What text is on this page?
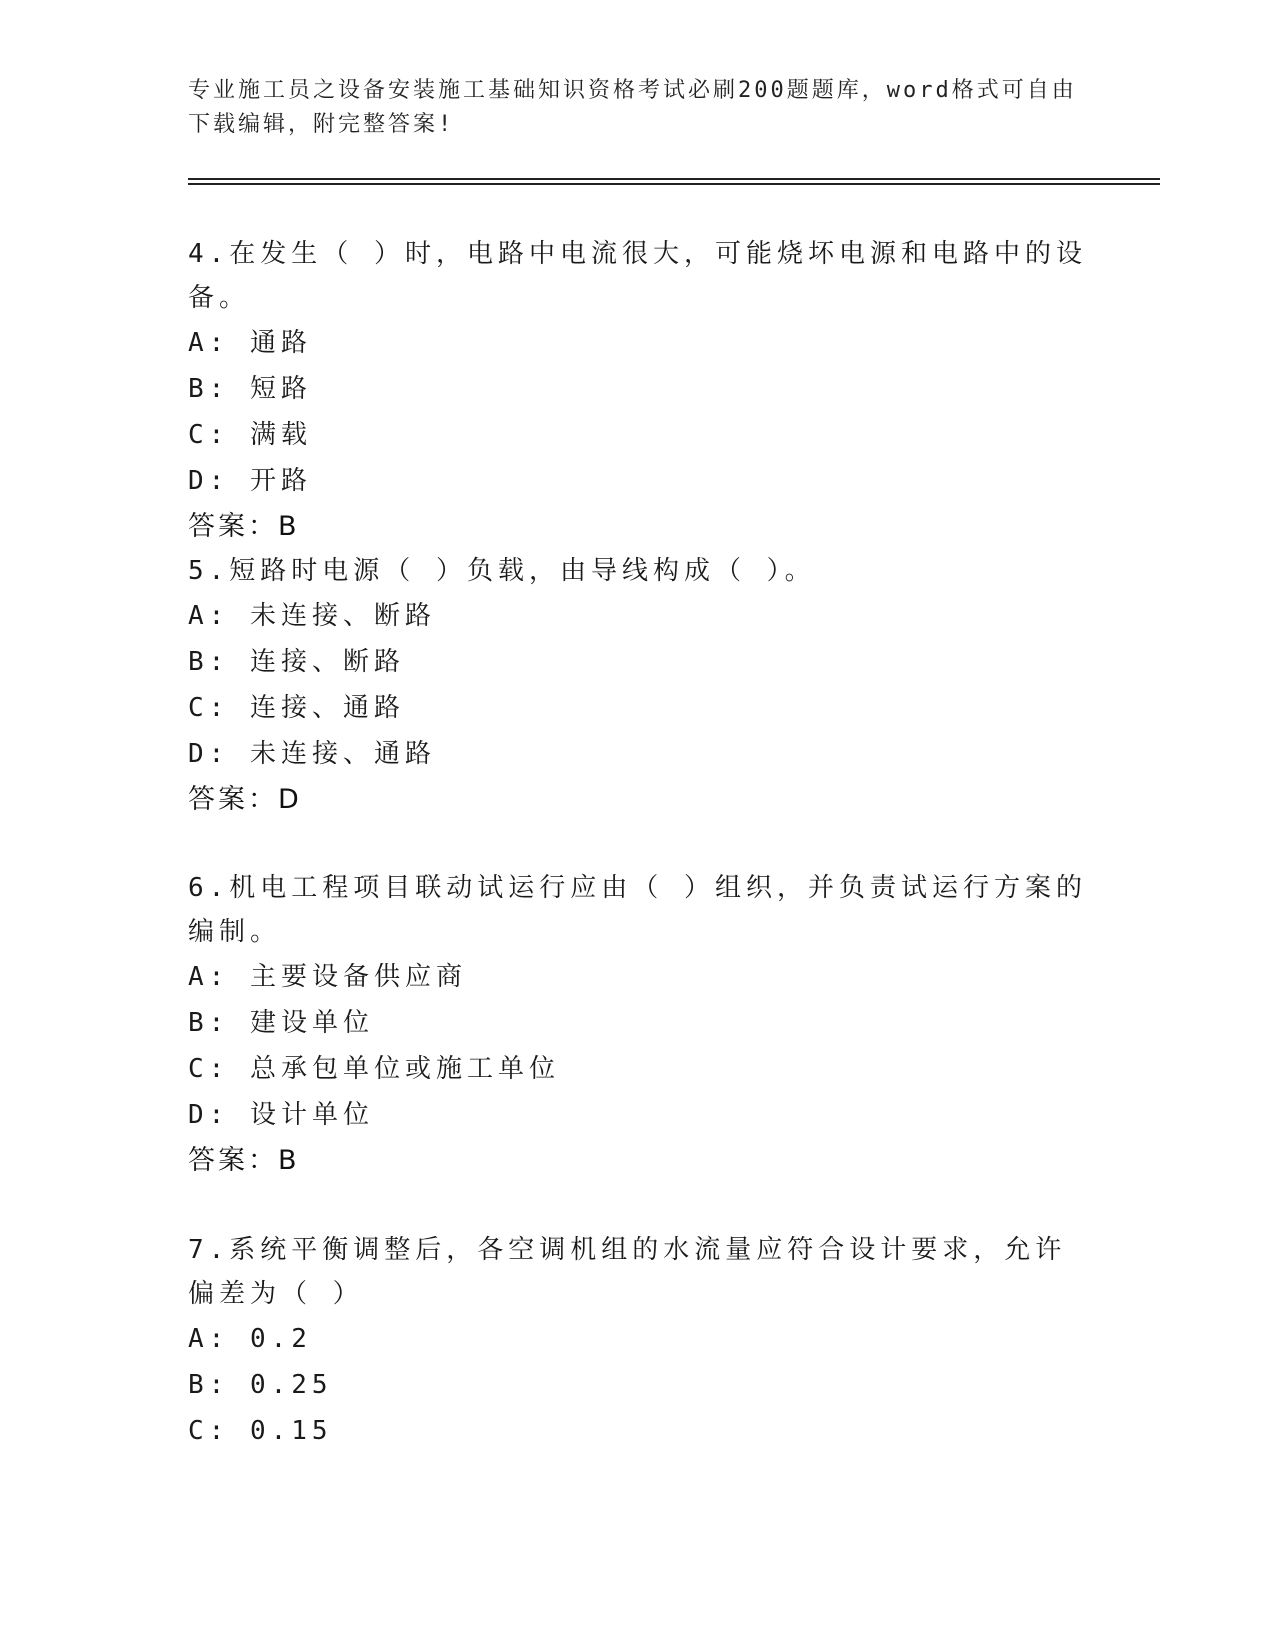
专业施工员之设备安装施工基础知识资格考试必刷200题题库，word格式可自由下载编辑，附完整答案!
4.在发生（ ）时，电路中电流很大，可能烧坏电源和电路中的设备。
A: 通路
B: 短路
C: 满载
D: 开路
答案：B
5.短路时电源（ ）负载，由导线构成（ ）。
A: 未连接、断路
B: 连接、断路
C: 连接、通路
D: 未连接、通路
答案：D
6.机电工程项目联动试运行应由（ ）组织，并负责试运行方案的编制。
A: 主要设备供应商
B: 建设单位
C: 总承包单位或施工单位
D: 设计单位
答案：B
7.系统平衡调整后，各空调机组的水流量应符合设计要求，允许偏差为（ ）
A: 0.2
B: 0.25
C: 0.15
